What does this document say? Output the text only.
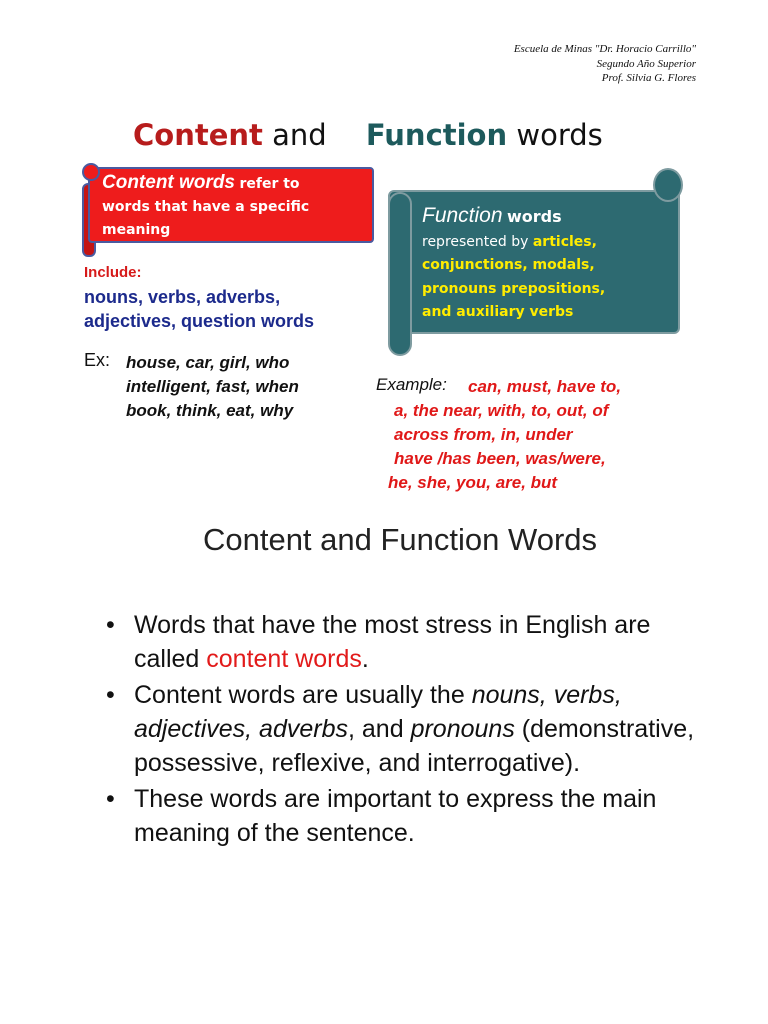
Escuela de Minas "Dr. Horacio Carrillo"
Segundo Año Superior
Prof. Silvia G. Flores
Content and Function words
Content words refer to
words that have a specific
meaning
Function words
represented by articles,
conjunctions, modals,
pronouns prepositions,
and auxiliary verbs
Include:
nouns, verbs, adverbs,
adjectives, question words
Ex: house, car, girl, who
intelligent, fast, when
book, think, eat, why
Example:	can, must, have to,
a, the near, with, to, out, of
across from, in, under
have /has been, was/were,
he, she, you, are, but
Content and Function Words
• Words that have the most stress in English are called content words.
• Content words are usually the nouns, verbs, adjectives, adverbs, and pronouns (demonstrative, possessive, reflexive, and interrogative).
• These words are important to express the main meaning of the sentence.
